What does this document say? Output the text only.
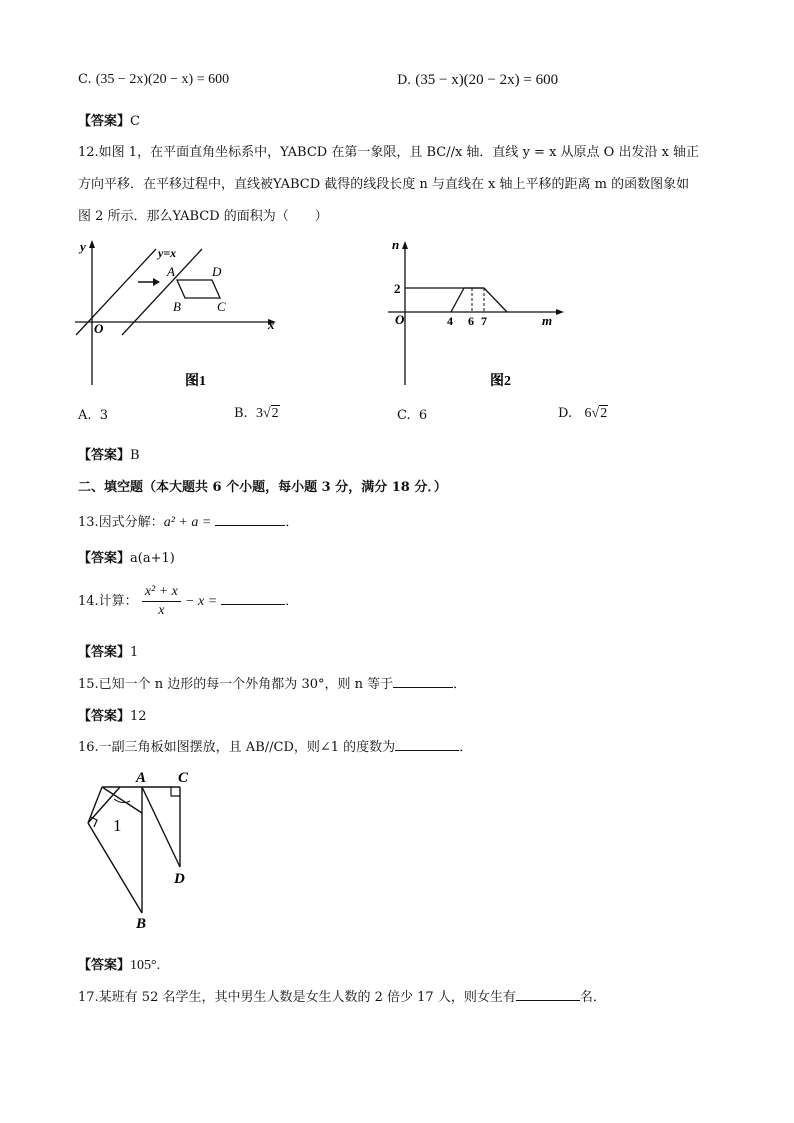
C. (35 − 2x)(20 − x) = 600	D. (35 − x)(20 − 2x) = 600
【答案】C
12.如图 1，在平面直角坐标系中，YABCD 在第一象限，且 BC//x 轴．直线 y = x 从原点 O 出发沿 x 轴正
方向平移．在平移过程中，直线被YABCD 截得的线段长度 n 与直线在 x 轴上平移的距离 m 的函数图象如
图 2 所示．那么YABCD 的面积为（　　）
y
x
O
y=x
A	D
B	C
图1
n
m
O
2
4 6 7
图2
A. 3	B. 3√2	C. 6	D. 6√2
【答案】B
二、填空题（本大题共 6 个小题，每小题 3 分，满分 18 分．）
13.因式分解：a² + a =	．
【答案】a(a+1)
14.计算： $\frac{\text{x² + x}}{x} - x$ =	．
【答案】1
15.已知一个 n 边形的每一个外角都为 30°，则 n 等于	．
【答案】12
16.一副三角板如图摆放，且 AB//CD，则∠1 的度数为	．
A C
D
B
1
【答案】105°.
17.某班有 52 名学生，其中男生人数是女生人数的 2 倍少 17 人，则女生有	名．
